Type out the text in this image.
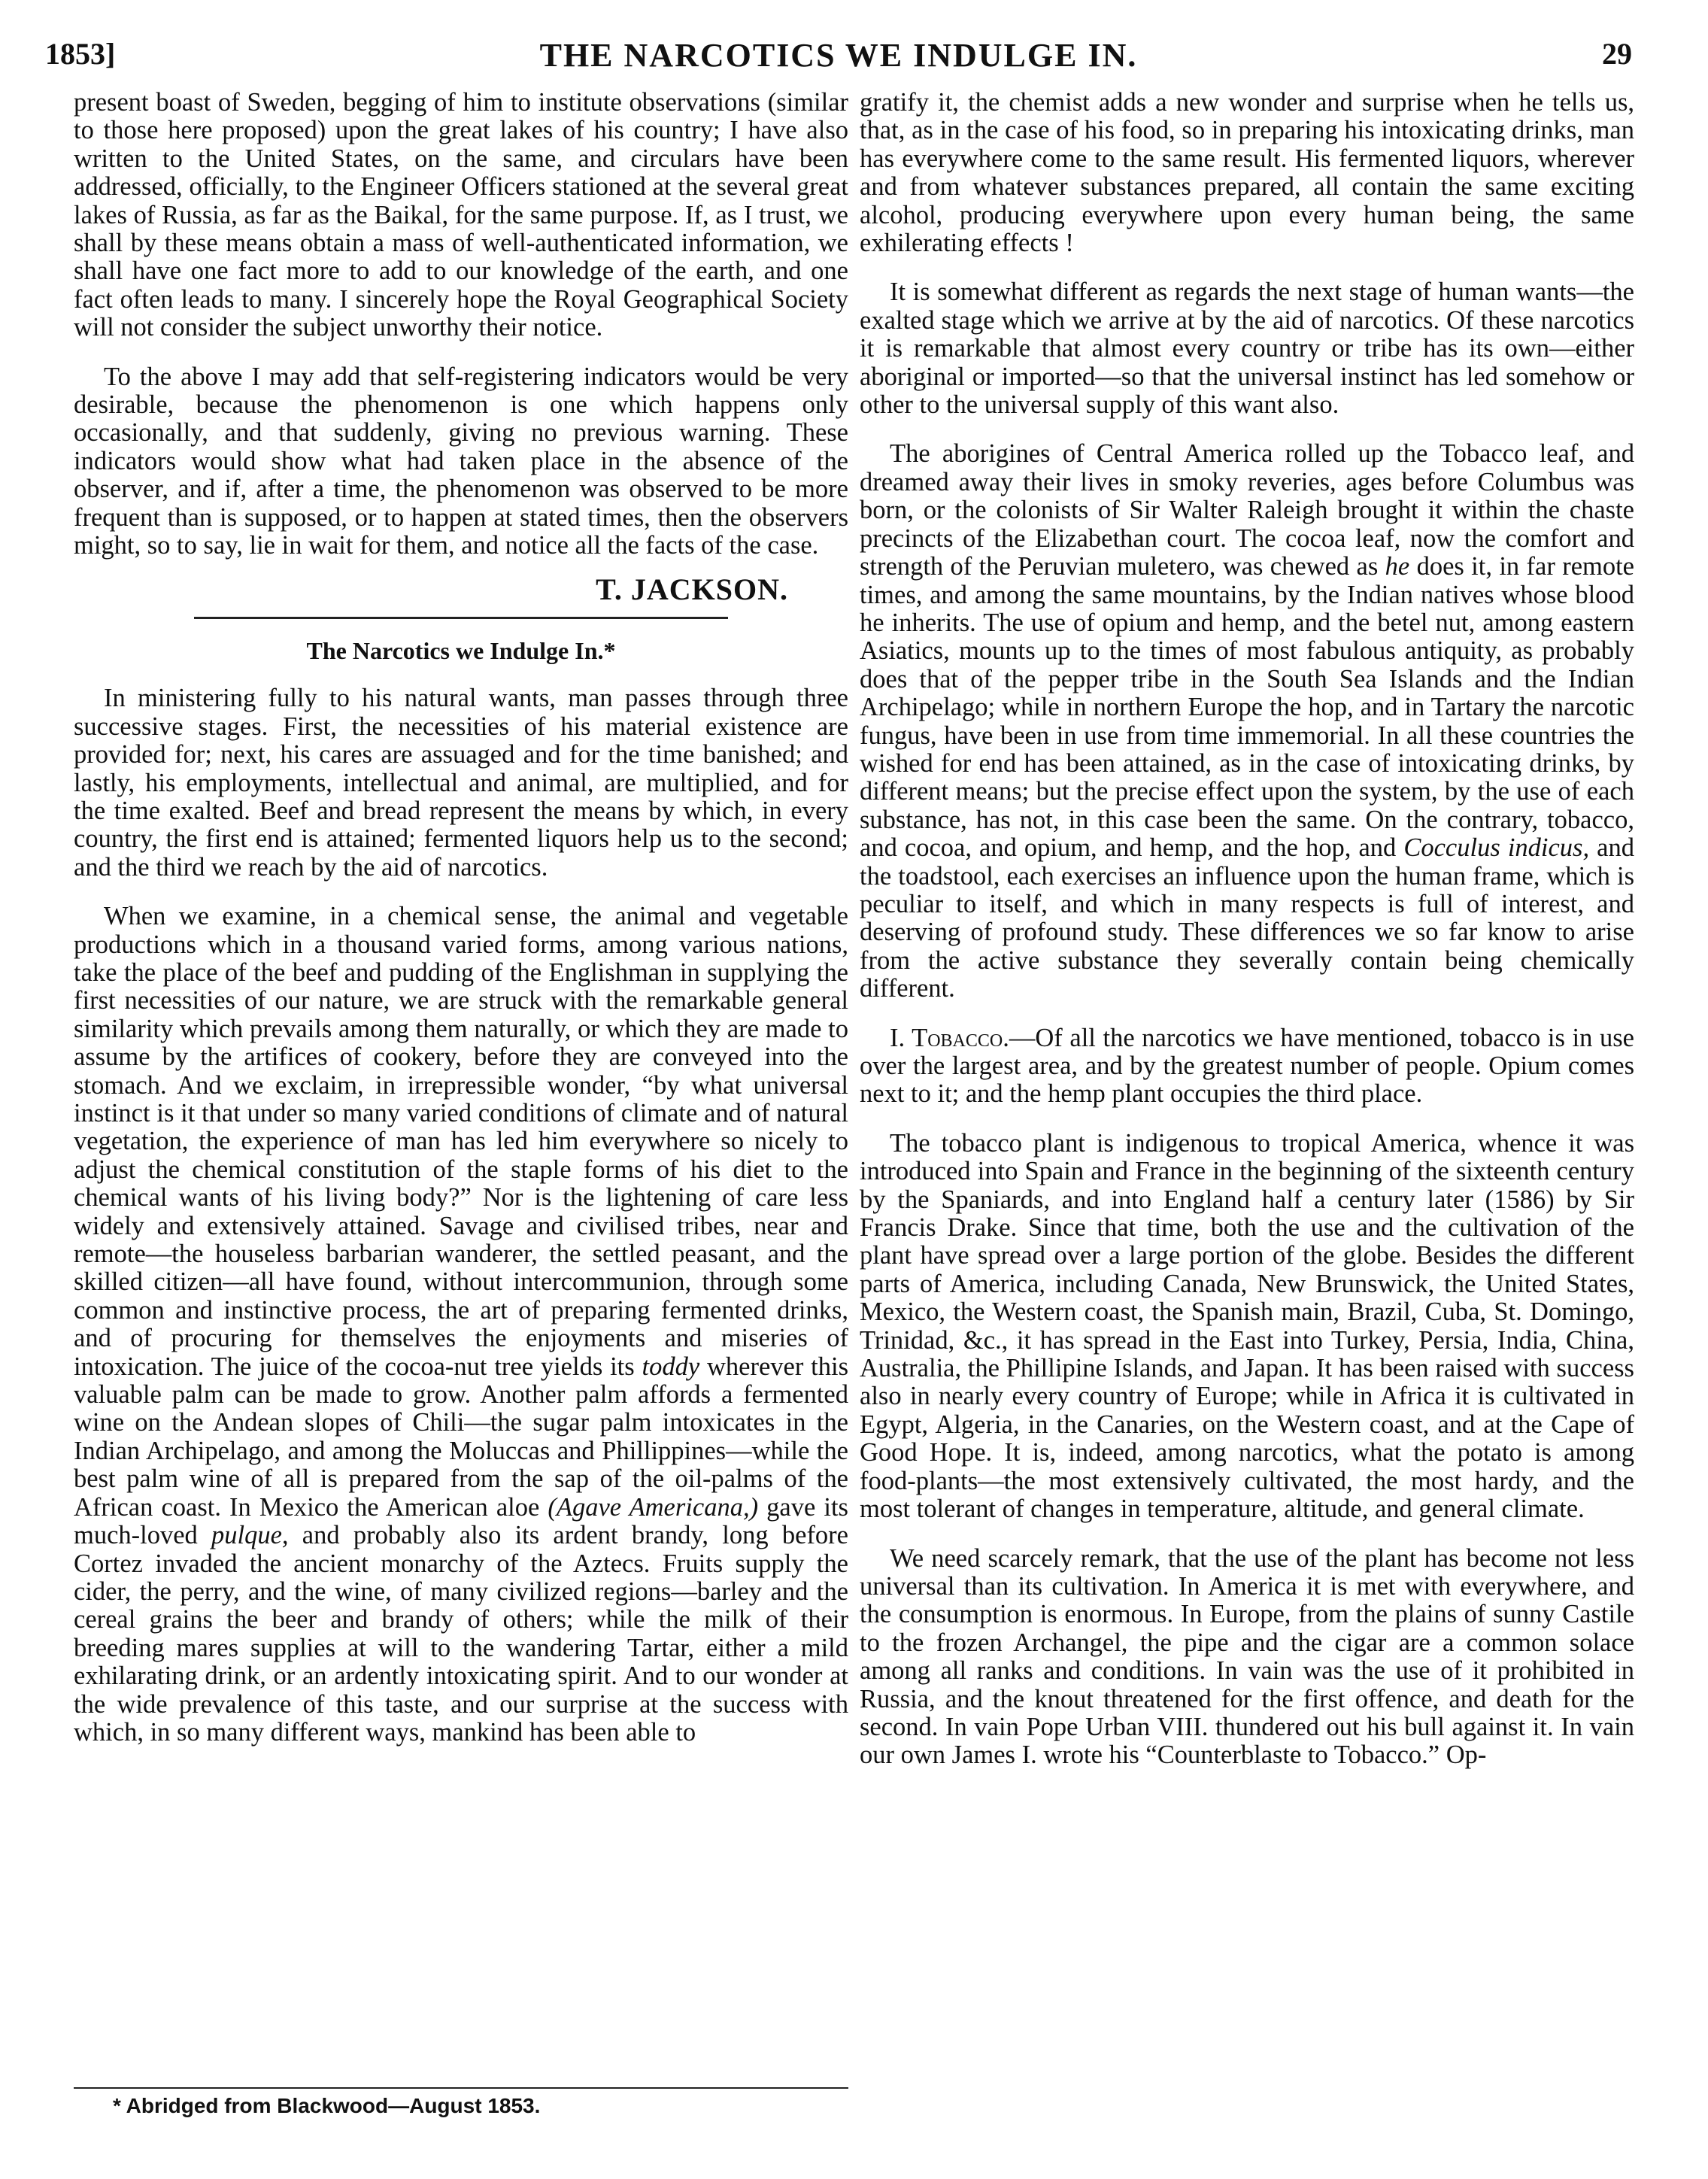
1853]	THE NARCOTICS WE INDULGE IN.	29

present boast of Sweden, begging of him to institute observations (similar to those here proposed) upon the great lakes of his country; I have also written to the United States, on the same, and circulars have been addressed, officially, to the Engineer Officers stationed at the several great lakes of Russia, as far as the Baikal, for the same purpose. If, as I trust, we shall by these means obtain a mass of well-authenticated information, we shall have one fact more to add to our knowledge of the earth, and one fact often leads to many. I sincerely hope the Royal Geographical Society will not consider the subject unworthy their notice.

To the above I may add that self-registering indicators would be very desirable, because the phenomenon is one which happens only occasionally, and that suddenly, giving no previous warning. These indicators would show what had taken place in the absence of the observer, and if, after a time, the phenomenon was observed to be more frequent than is supposed, or to happen at stated times, then the observers might, so to say, lie in wait for them, and notice all the facts of the case.

T. JACKSON.
The Narcotics we Indulge In.*

In ministering fully to his natural wants, man passes through three successive stages. First, the necessities of his material existence are provided for; next, his cares are assuaged and for the time banished; and lastly, his employments, intellectual and animal, are multiplied, and for the time exalted. Beef and bread represent the means by which, in every country, the first end is attained; fermented liquors help us to the second; and the third we reach by the aid of narcotics.

When we examine, in a chemical sense, the animal and vegetable productions which in a thousand varied forms, among various nations, take the place of the beef and pudding of the Englishman in supplying the first necessities of our nature, we are struck with the remarkable general similarity which prevails among them naturally, or which they are made to assume by the artifices of cookery, before they are conveyed into the stomach. And we exclaim, in irrepressible wonder, “by what universal instinct is it that under so many varied conditions of climate and of natural vegetation, the experience of man has led him everywhere so nicely to adjust the chemical constitution of the staple forms of his diet to the chemical wants of his living body?” Nor is the lightening of care less widely and extensively attained. Savage and civilised tribes, near and remote—the houseless barbarian wanderer, the settled peasant, and the skilled citizen—all have found, without intercommunion, through some common and instinctive process, the art of preparing fermented drinks, and of procuring for themselves the enjoyments and miseries of intoxication. The juice of the cocoa-nut tree yields its toddy wherever this valuable palm can be made to grow. Another palm affords a fermented wine on the Andean slopes of Chili—the sugar palm intoxicates in the Indian Archipelago, and among the Moluccas and Phillippines—while the best palm wine of all is prepared from the sap of the oil-palms of the African coast. In Mexico the American aloe (Agave Americana,) gave its much-loved pulque, and probably also its ardent brandy, long before Cortez invaded the ancient monarchy of the Aztecs. Fruits supply the cider, the perry, and the wine, of many civilized regions—barley and the cereal grains the beer and brandy of others; while the milk of their breeding mares supplies at will to the wandering Tartar, either a mild exhilarating drink, or an ardently intoxicating spirit. And to our wonder at the wide prevalence of this taste, and our surprise at the success with which, in so many different ways, mankind has been able to

gratify it, the chemist adds a new wonder and surprise when he tells us, that, as in the case of his food, so in preparing his intoxicating drinks, man has everywhere come to the same result. His fermented liquors, wherever and from whatever substances prepared, all contain the same exciting alcohol, producing everywhere upon every human being, the same exhilerating effects !

It is somewhat different as regards the next stage of human wants—the exalted stage which we arrive at by the aid of narcotics. Of these narcotics it is remarkable that almost every country or tribe has its own—either aboriginal or imported—so that the universal instinct has led somehow or other to the universal supply of this want also.

The aborigines of Central America rolled up the Tobacco leaf, and dreamed away their lives in smoky reveries, ages before Columbus was born, or the colonists of Sir Walter Raleigh brought it within the chaste precincts of the Elizabethan court. The cocoa leaf, now the comfort and strength of the Peruvian muletero, was chewed as he does it, in far remote times, and among the same mountains, by the Indian natives whose blood he inherits. The use of opium and hemp, and the betel nut, among eastern Asiatics, mounts up to the times of most fabulous antiquity, as probably does that of the pepper tribe in the South Sea Islands and the Indian Archipelago; while in northern Europe the hop, and in Tartary the narcotic fungus, have been in use from time immemorial. In all these countries the wished for end has been attained, as in the case of intoxicating drinks, by different means; but the precise effect upon the system, by the use of each substance, has not, in this case been the same. On the contrary, tobacco, and cocoa, and opium, and hemp, and the hop, and Cocculus indicus, and the toadstool, each exercises an influence upon the human frame, which is peculiar to itself, and which in many respects is full of interest, and deserving of profound study. These differences we so far know to arise from the active substance they severally contain being chemically different.

I. Tobacco.—Of all the narcotics we have mentioned, tobacco is in use over the largest area, and by the greatest number of people. Opium comes next to it; and the hemp plant occupies the third place.

The tobacco plant is indigenous to tropical America, whence it was introduced into Spain and France in the beginning of the sixteenth century by the Spaniards, and into England half a century later (1586) by Sir Francis Drake. Since that time, both the use and the cultivation of the plant have spread over a large portion of the globe. Besides the different parts of America, including Canada, New Brunswick, the United States, Mexico, the Western coast, the Spanish main, Brazil, Cuba, St. Domingo, Trinidad, &c., it has spread in the East into Turkey, Persia, India, China, Australia, the Phillipine Islands, and Japan. It has been raised with success also in nearly every country of Europe; while in Africa it is cultivated in Egypt, Algeria, in the Canaries, on the Western coast, and at the Cape of Good Hope. It is, indeed, among narcotics, what the potato is among food-plants—the most extensively cultivated, the most hardy, and the most tolerant of changes in temperature, altitude, and general climate.

We need scarcely remark, that the use of the plant has become not less universal than its cultivation. In America it is met with everywhere, and the consumption is enormous. In Europe, from the plains of sunny Castile to the frozen Archangel, the pipe and the cigar are a common solace among all ranks and conditions. In vain was the use of it prohibited in Russia, and the knout threatened for the first offence, and death for the second. In vain Pope Urban VIII. thundered out his bull against it. In vain our own James I. wrote his “Counterblaste to Tobacco.” Op-

* Abridged from Blackwood—August 1853.
